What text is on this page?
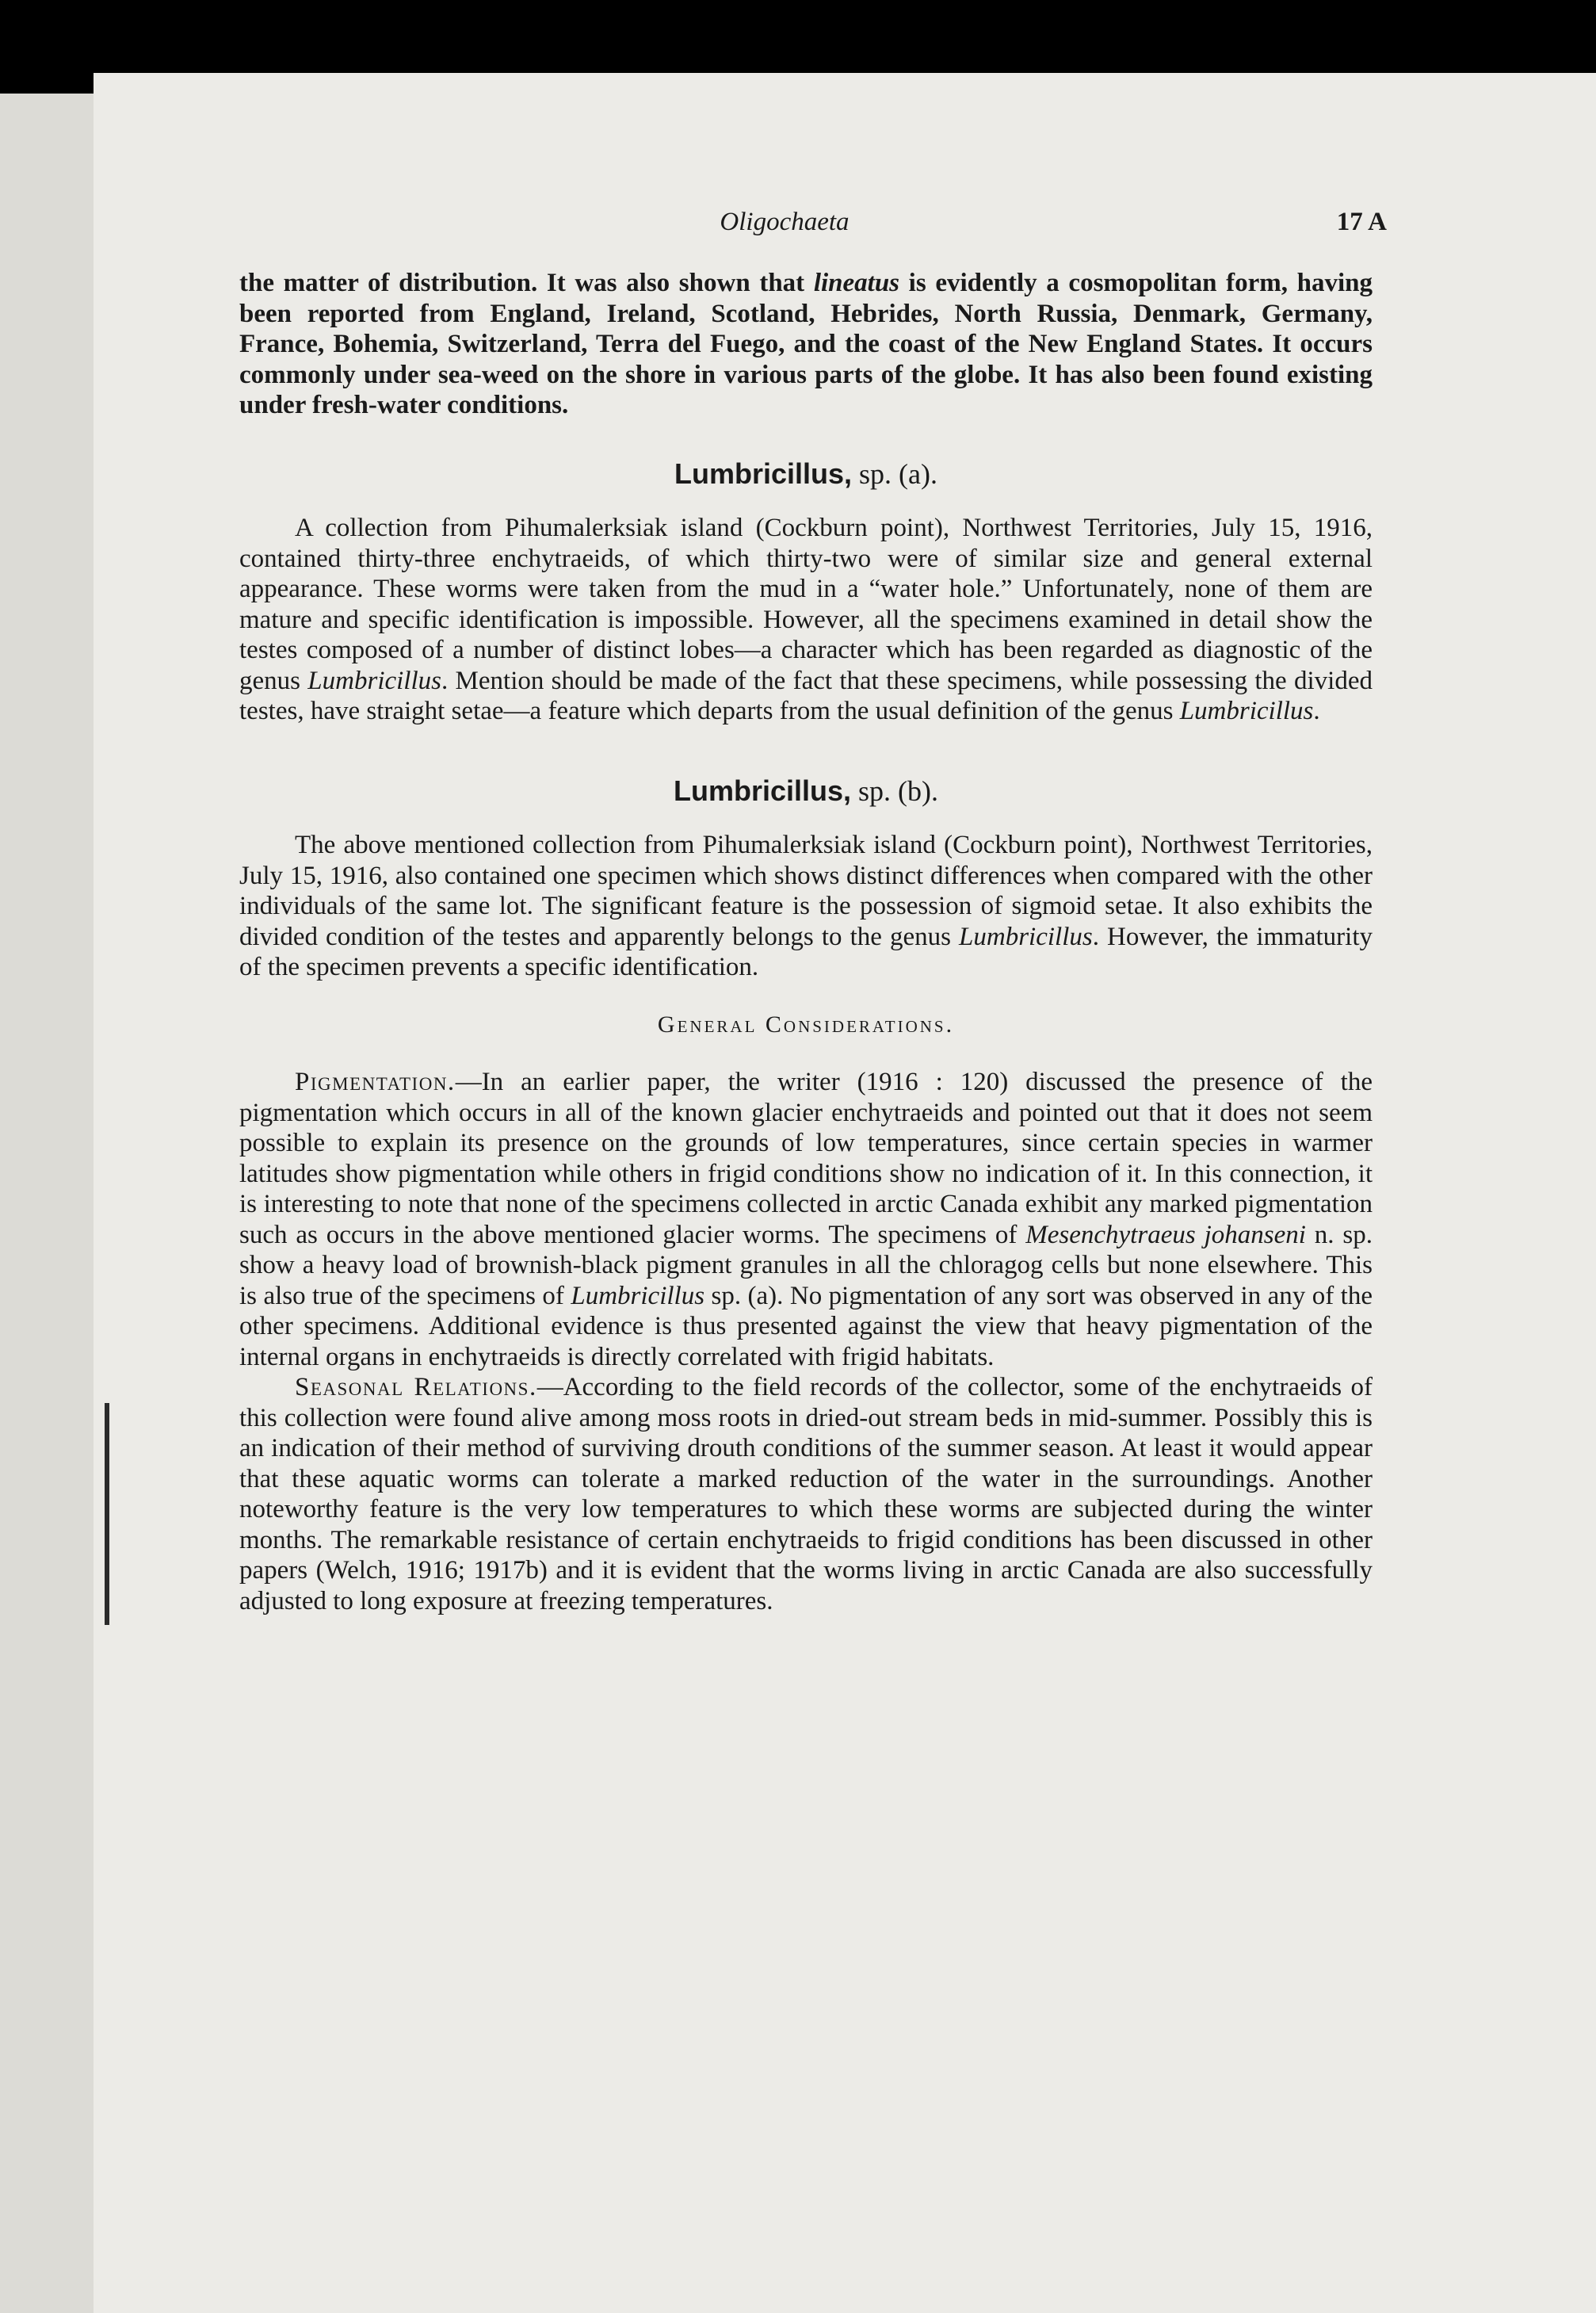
Oligochaeta	17 A

the matter of distribution. It was also shown that lineatus is evidently a cosmopolitan form, having been reported from England, Ireland, Scotland, Hebrides, North Russia, Denmark, Germany, France, Bohemia, Switzerland, Terra del Fuego, and the coast of the New England States. It occurs commonly under sea-weed on the shore in various parts of the globe. It has also been found existing under fresh-water conditions.

Lumbricillus, sp. (a).

A collection from Pihumalerksiak island (Cockburn point), Northwest Territories, July 15, 1916, contained thirty-three enchytraeids, of which thirty-two were of similar size and general external appearance. These worms were taken from the mud in a “water hole.” Unfortunately, none of them are mature and specific identification is impossible. However, all the specimens examined in detail show the testes composed of a number of distinct lobes—a character which has been regarded as diagnostic of the genus Lumbricillus. Mention should be made of the fact that these specimens, while possessing the divided testes, have straight setae—a feature which departs from the usual definition of the genus Lumbricillus.

Lumbricillus, sp. (b).

The above mentioned collection from Pihumalerksiak island (Cockburn point), Northwest Territories, July 15, 1916, also contained one specimen which shows distinct differences when compared with the other individuals of the same lot. The significant feature is the possession of sigmoid setae. It also exhibits the divided condition of the testes and apparently belongs to the genus Lumbricillus. However, the immaturity of the specimen prevents a specific identification.

General Considerations.

Pigmentation.—In an earlier paper, the writer (1916 : 120) discussed the presence of the pigmentation which occurs in all of the known glacier enchytraeids and pointed out that it does not seem possible to explain its presence on the grounds of low temperatures, since certain species in warmer latitudes show pigmentation while others in frigid conditions show no indication of it. In this connection, it is interesting to note that none of the specimens collected in arctic Canada exhibit any marked pigmentation such as occurs in the above mentioned glacier worms. The specimens of Mesenchytraeus johanseni n. sp. show a heavy load of brownish-black pigment granules in all the chloragog cells but none elsewhere. This is also true of the specimens of Lumbricillus sp. (a). No pigmentation of any sort was observed in any of the other specimens. Additional evidence is thus presented against the view that heavy pigmentation of the internal organs in enchytraeids is directly correlated with frigid habitats.

Seasonal Relations.—According to the field records of the collector, some of the enchytraeids of this collection were found alive among moss roots in dried-out stream beds in mid-summer. Possibly this is an indication of their method of surviving drouth conditions of the summer season. At least it would appear that these aquatic worms can tolerate a marked reduction of the water in the surroundings. Another noteworthy feature is the very low temperatures to which these worms are subjected during the winter months. The remarkable resistance of certain enchytraeids to frigid conditions has been discussed in other papers (Welch, 1916; 1917b) and it is evident that the worms living in arctic Canada are also successfully adjusted to long exposure at freezing temperatures.
